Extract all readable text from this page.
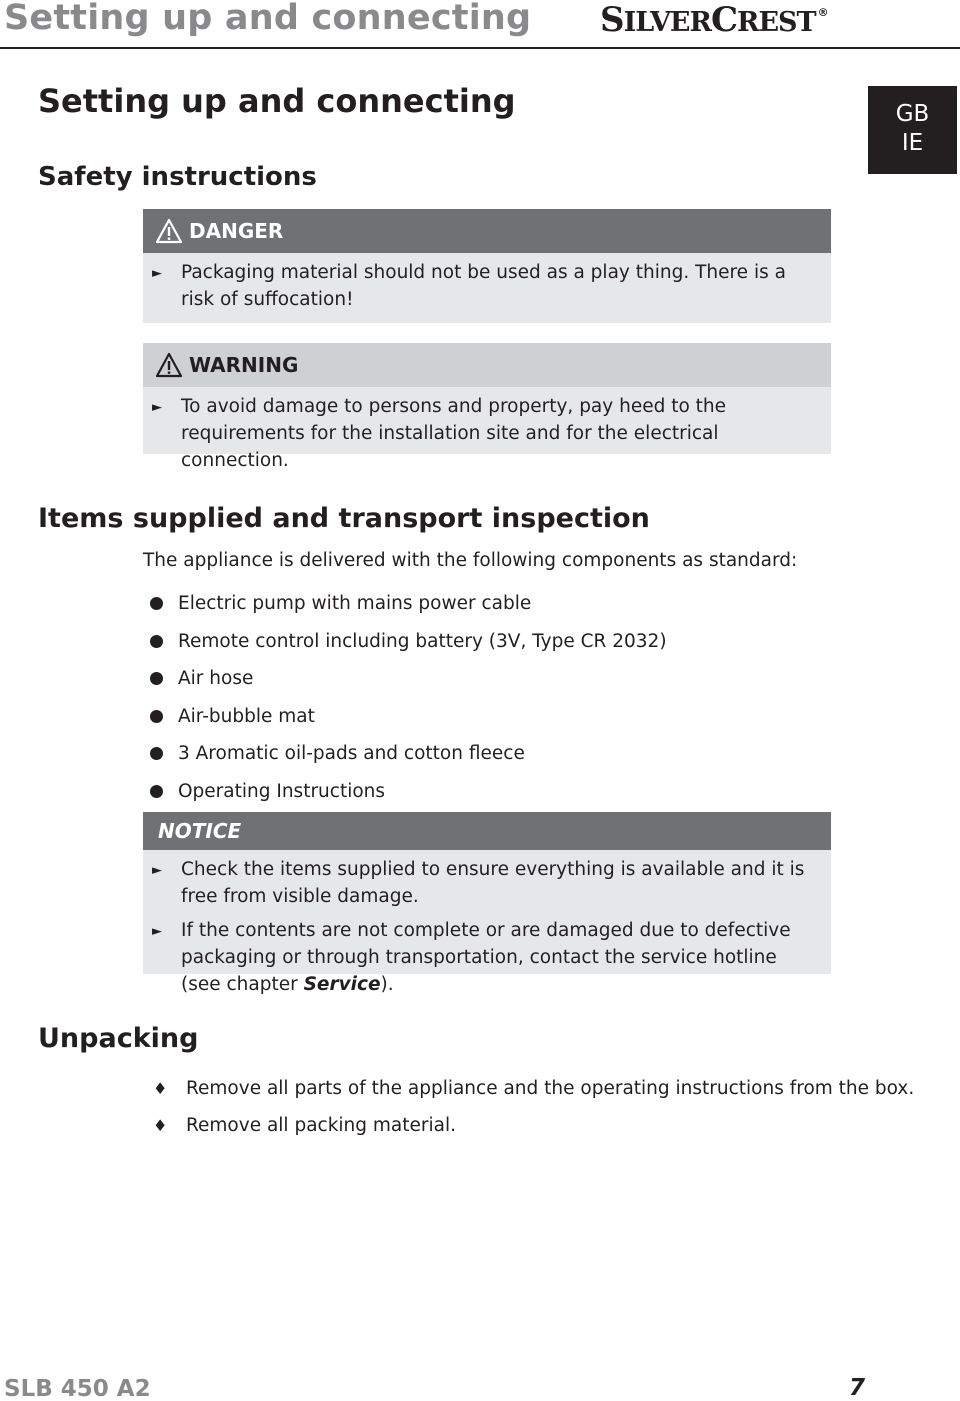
Setting up and connecting SILVERCREST ®
GB
IE
Setting up and connecting
Safety instructions
DANGER
►	Packaging material should not be used as a play thing. There is a risk of suffocation!
WARNING
►	To avoid damage to persons and property, pay heed to the requirements for the installation site and for the electrical connection.
Items supplied and transport inspection

The appliance is delivered with the following components as standard:

Electric pump with mains power cable
Remote control including battery (3V, Type CR 2032)
Air hose
Air-bubble mat
3 Aromatic oil-pads and cotton fleece
Operating Instructions
NOTICE
►	Check the items supplied to ensure everything is available and it is free from visible damage.
►	If the contents are not complete or are damaged due to defective packaging or through transportation, contact the service hotline (see chapter Service).
Unpacking
♦	Remove all parts of the appliance and the operating instructions from the box.
♦	Remove all packing material.
SLB 450 A2	7
